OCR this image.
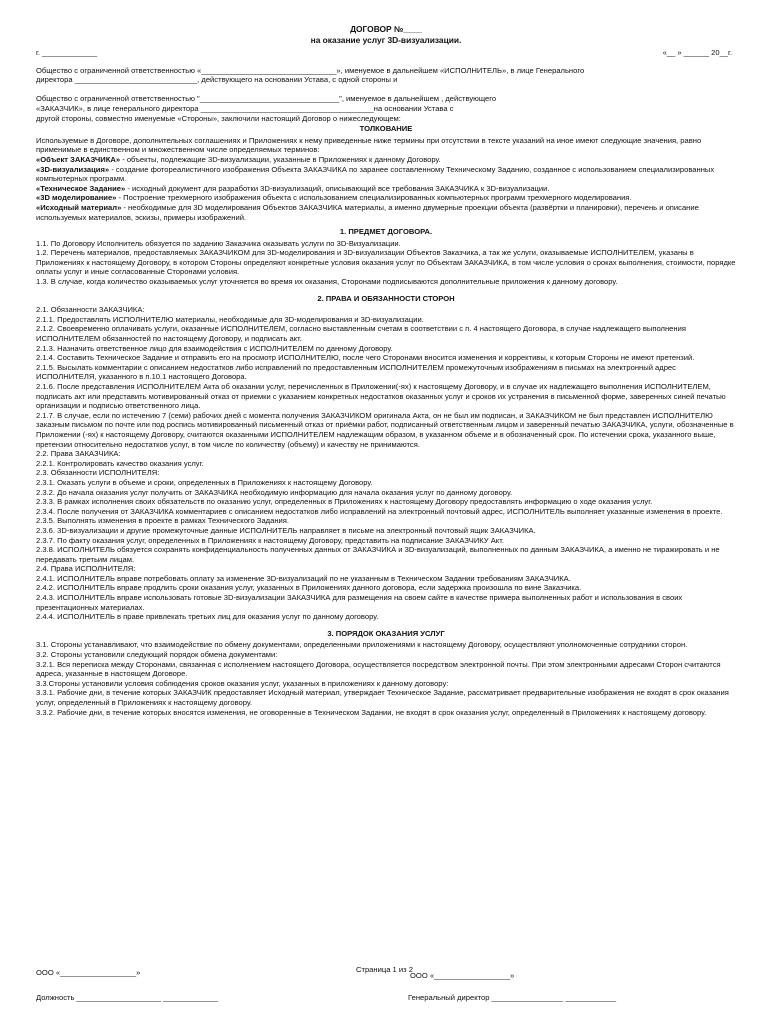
ДОГОВОР №____
на оказание услуг 3D-визуализации.
г. _____________	«__ » ______ 20__г.

Общество с ограниченной ответственностью «________________________________», именуемое в дальнейшем «ИСПОЛНИТЕЛЬ», в лице Генерального

директора _____________________________, действующего на основании Устава, с одной стороны и

Общество с ограниченной ответственностью "_________________________________", именуемое в дальнейшем , действующего

«ЗАКАЗЧИК», в лице генерального директора _________________________________________на основании Устава с

другой стороны, совместно именуемые «Стороны», заключили настоящий Договор о нижеследующем:

ТОЛКОВАНИЕ

Используемые в Договоре, дополнительных соглашениях и Приложениях к нему приведенные ниже термины при отсутствии в тексте указаний на иное имеют следующие значения, равно применимые в единственном и множественном числе определяемых терминов:

«Объект ЗАКАЗЧИКА» - объекты, подлежащие 3D-визуализации, указанные в Приложениях к данному Договору.

«3D-визуализация» - создание фотореалистичного изображения Объекта ЗАКАЗЧИКА по заранее составленному Техническому Заданию, созданное с использованием специализированных компьютерных программ.

«Техническое Задание» - исходный документ для разработки 3D-визуализаций, описывающий все требования ЗАКАЗЧИКА к 3D-визуализации.

«3D моделирование» - Построение трехмерного изображения объекта с использованием специализированных компьютерных программ трехмерного моделирования.

«Исходный материал» - необходимые для 3D моделирования Объектов ЗАКАЗЧИКА материалы, а именно двумерные проекции объекта (развёртки и планировки), перечень и описание используемых материалов, эскизы, примеры изображений.

1. ПРЕДМЕТ ДОГОВОРА.

1.1. По Договору Исполнитель обязуется по заданию Заказчика оказывать услуги по 3D-Визуализации.

1.2. Перечень материалов, предоставляемых ЗАКАЗЧИКОМ для 3D-моделирования и 3D-визуализации Объектов Заказчика, а так же услуги, оказываемые ИСПОЛНИТЕЛЕМ, указаны в Приложениях к настоящему Договору, в котором Стороны определяют конкретные условия оказания услуг по Объектам ЗАКАЗЧИКА, в том числе условия о сроках выполнения, стоимости, порядке оплаты услуг и иные согласованные Сторонами условия.

1.3. В случае, когда количество оказываемых услуг уточняется во время их оказания, Сторонами подписываются дополнительные приложения к данному договору.

2. ПРАВА И ОБЯЗАННОСТИ СТОРОН

2.1. Обязанности ЗАКАЗЧИКА:

2.1.1. Предоставлять ИСПОЛНИТЕЛЮ материалы, необходимые для 3D-моделирования и 3D-визуализации.

2.1.2. Своевременно оплачивать услуги, оказанные ИСПОЛНИТЕЛЕМ, согласно выставленным счетам в соответствии с п. 4 настоящего Договора, в случае надлежащего выполнения ИСПОЛНИТЕЛЕМ обязанностей по настоящему Договору, и подписать акт.

2.1.3. Назначить ответственное лицо для взаимодействия с ИСПОЛНИТЕЛЕМ по данному Договору.

2.1.4. Составить Техническое Задание и отправить его на просмотр ИСПОЛНИТЕЛЮ, после чего Сторонами вносится изменения и коррективы, к которым Стороны не имеют претензий.

2.1.5. Высылать комментарии с описанием недостатков либо исправлений по предоставленным ИСПОЛНИТЕЛЕМ промежуточным изображениям в письмах на электронный адрес ИСПОЛНИТЕЛЯ, указанного в п.10.1 настоящего Договора.

2.1.6. После представления ИСПОЛНИТЕЛЕМ Акта об оказании услуг, перечисленных в Приложении(-ях) к настоящему Договору, и в случае их надлежащего выполнения ИСПОЛНИТЕЛЕМ, подписать акт или представить мотивированный отказ от приемки с указанием конкретных недостатков оказанных услуг и сроков их устранения в письменной форме, заверенных синей печатью организации и подписью ответственного лица.

2.1.7. В случае, если по истечению 7 (семи) рабочих дней с момента получения ЗАКАЗЧИКОМ оригинала Акта, он не был им подписан, и ЗАКАЗЧИКОМ не был представлен ИСПОЛНИТЕЛЮ заказным письмом по почте или под роспись мотивированный письменный отказ от приёмки работ, подписанный ответственным лицом и заверенный печатью ЗАКАЗЧИКА, услуги, обозначенные в Приложении (-ях) к настоящему Договору, считаются оказанными ИСПОЛНИТЕЛЕМ надлежащим образом, в указанном объеме и в обозначенный срок. По истечении срока, указанного выше, претензии относительно недостатков услуг, в том числе по количеству (объему) и качеству не принимаются.

2.2. Права ЗАКАЗЧИКА:

2.2.1. Контролировать качество оказания услуг.

2.3. Обязанности ИСПОЛНИТЕЛЯ:

2.3.1. Оказать услуги в объеме и сроки, определенных в Приложениях к настоящему Договору.

2.3.2. До начала оказания услуг получить от ЗАКАЗЧИКА необходимую информацию для начала оказания услуг по данному договору.

2.3.3. В рамках исполнения своих обязательств по оказанию услуг, определенных в Приложениях к настоящему Договору предоставлять информацию о ходе оказания услуг.

2.3.4. После получения от ЗАКАЗЧИКА комментариев с описанием недостатков либо исправлений на электронный почтовый адрес, ИСПОЛНИТЕЛЬ выполняет указанные изменения в проекте.

2.3.5. Выполнять изменения в проекте в рамках Технического Задания.

2.3.6. 3D-визуализации и другие промежуточные данные ИСПОЛНИТЕЛЬ направляет в письме на электронный почтовый ящик ЗАКАЗЧИКА.

2.3.7. По факту оказания услуг, определенных в Приложениях к настоящему Договору, представить на подписание ЗАКАЗЧИКУ Акт.

2.3.8. ИСПОЛНИТЕЛЬ обязуется сохранять конфиденциальность полученных данных от ЗАКАЗЧИКА и 3D-визуализаций, выполненных по данным ЗАКАЗЧИКА, а именно не тиражировать и не передавать третьим лицам.

2.4. Права ИСПОЛНИТЕЛЯ:

2.4.1. ИСПОЛНИТЕЛЬ вправе потребовать оплату за изменение 3D-визуализаций по не указанным в Техническом Задании требованиям ЗАКАЗЧИКА.

2.4.2. ИСПОЛНИТЕЛЬ вправе продлить сроки оказания услуг, указанных в Приложениях данного договора, если задержка произошла по вине Заказчика.

2.4.3. ИСПОЛНИТЕЛЬ вправе использовать готовые 3D-визуализации ЗАКАЗЧИКА для размещения на своем сайте в качестве примера выполненных работ и использования в своих презентационных материалах.

2.4.4. ИСПОЛНИТЕЛЬ в праве привлекать третьих лиц для оказания услуг по данному договору.

3. ПОРЯДОК ОКАЗАНИЯ УСЛУГ

3.1. Стороны устанавливают, что взаимодействие по обмену документами, определенными приложениями к настоящему Договору, осуществляют уполномоченные сотрудники сторон.

3.2. Стороны установили следующий порядок обмена документами:

3.2.1. Вся переписка между Сторонами, связанная с исполнением настоящего Договора, осуществляется посредством электронной почты. При этом электронными адресами Сторон считаются адреса, указанные в настоящем Договоре.

3.3.Стороны установили условия соблюдения сроков оказания услуг, указанных в приложениях к данному договору:

3.3.1. Рабочие дни, в течение которых ЗАКАЗЧИК предоставляет Исходный материал, утверждает Техническое Задание, рассматривает предварительные изображения не входят в срок оказания услуг, определенный в Приложениях к настоящему договору.

3.3.2. Рабочие дни, в течение которых вносятся изменения, не оговоренные в Техническом Задании, не входят в срок оказания услуг, определенный в Приложениях к настоящему договору.

ООО «__________________»	Страница 1 из 2
ООО «__________________»
Должность ____________________ _____________	Генеральный директор _________________ ____________
